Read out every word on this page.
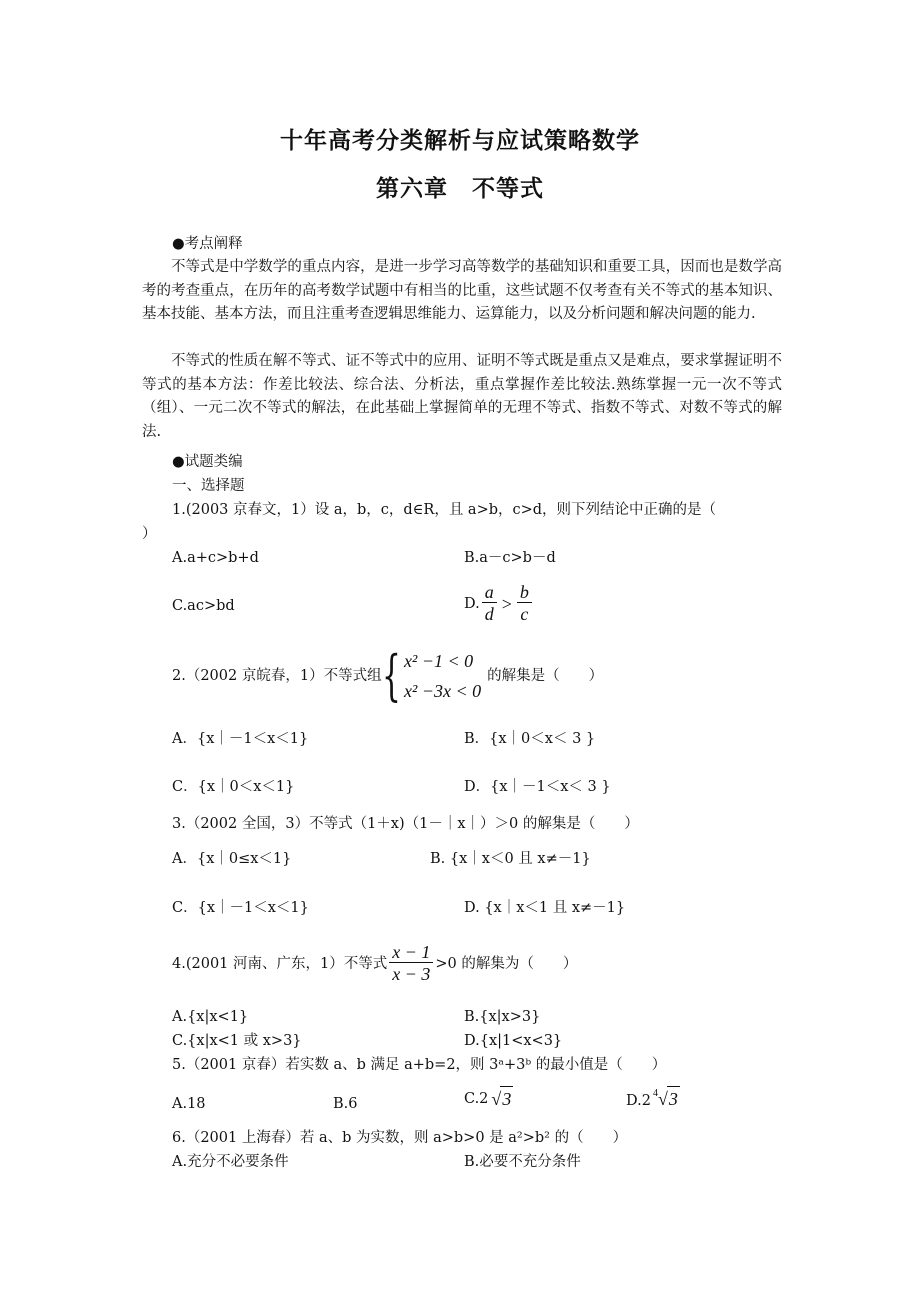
十年高考分类解析与应试策略数学
第六章　不等式
●考点阐释
不等式是中学数学的重点内容，是进一步学习高等数学的基础知识和重要工具，因而也是数学高考的考查重点，在历年的高考数学试题中有相当的比重，这些试题不仅考查有关不等式的基本知识、基本技能、基本方法，而且注重考查逻辑思维能力、运算能力，以及分析问题和解决问题的能力.
不等式的性质在解不等式、证不等式中的应用、证明不等式既是重点又是难点，要求掌握证明不等式的基本方法：作差比较法、综合法、分析法，重点掌握作差比较法.熟练掌握一元一次不等式（组）、一元二次不等式的解法，在此基础上掌握简单的无理不等式、指数不等式、对数不等式的解法.
●试题类编
一、选择题
1.(2003 京春文，1）设 a，b，c，d∈R，且 a>b，c>d，则下列结论中正确的是（
）
A.a+c>b+d	B.a－c>b－d
C.ac>bd	D. $\frac{a}{d} > \frac{b}{c}$
2.（2002 京皖春，1）不等式组 { x² −1 < 0
x² −3x < 0
的解集是（　　）
A．{x｜－1＜x＜1}	B．{x｜0＜x＜ 3 }
C．{x｜0＜x＜1}	D．{x｜－1＜x＜ 3 }
3.（2002 全国，3）不等式（1＋x)（1－｜x｜）＞0 的解集是（　　）
A．{x｜0≤x＜1}	B. {x｜x＜0 且 x≠－1}
C．{x｜－1＜x＜1}	D. {x｜x＜1 且 x≠－1}
4.(2001 河南、广东，1）不等式 $\frac{x - 1}{x - 3} >0$ 的解集为（　　）
A.{x|x<1}	B.{x|x>3}
C.{x|x<1 或 x>3}	D.{x|1<x<3}
5.（2001 京春）若实数 a、b 满足 a+b=2，则 3ᵃ+3ᵇ 的最小值是（　　）
A.18	B.6	C.2 √3	D.2 $^4$√3
6.（2001 上海春）若 a、b 为实数，则 a>b>0 是 a²>b² 的（　　）
A.充分不必要条件	B.必要不充分条件
